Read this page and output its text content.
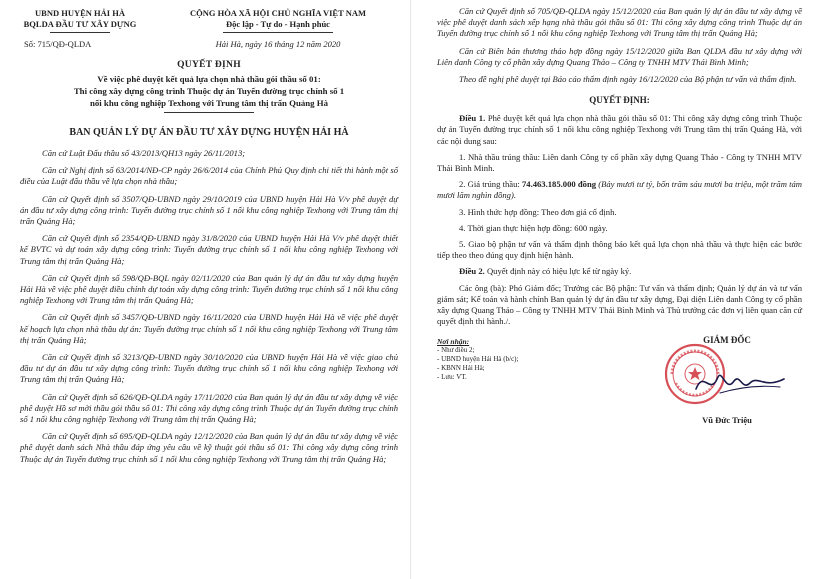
UBND HUYỆN HẢI HÀ
BQLDA ĐẦU TƯ XÂY DỰNG
Số: 715/QĐ-QLDA
CỘNG HÒA XÃ HỘI CHỦ NGHĨA VIỆT NAM
Độc lập - Tự do - Hạnh phúc
Hải Hà, ngày 16 tháng 12 năm 2020
QUYẾT ĐỊNH
Về việc phê duyệt kết quả lựa chọn nhà thầu gói thầu số 01:
Thi công xây dựng công trình Thuộc dự án Tuyến đường trục chính số 1
nối khu công nghiệp Texhong với Trung tâm thị trấn Quảng Hà
BAN QUẢN LÝ DỰ ÁN ĐẦU TƯ XÂY DỰNG HUYỆN HẢI HÀ

Căn cứ Luật Đấu thầu số 43/2013/QH13 ngày 26/11/2013;

Căn cứ Nghị định số 63/2014/NĐ-CP ngày 26/6/2014 của Chính Phủ Quy định chi tiết thi hành một số điều của Luật đấu thầu về lựa chọn nhà thầu;

Căn cứ Quyết định số 3507/QĐ-UBND ngày 29/10/2019 của UBND huyện Hải Hà V/v phê duyệt dự án đầu tư xây dựng công trình: Tuyến đường trục chính số 1 nối khu công nghiệp Texhong với Trung tâm thị trấn Quảng Hà;

Căn cứ Quyết định số 2354/QĐ-UBND ngày 31/8/2020 của UBND huyện Hải Hà V/v phê duyệt thiết kế BVTC và dự toán xây dựng công trình: Tuyến đường trục chính số 1 nối khu công nghiệp Texhong với Trung tâm thị trấn Quảng Hà;

Căn cứ Quyết định số 598/QĐ-BQL ngày 02/11/2020 của Ban quản lý dự án đầu tư xây dựng huyện Hải Hà về việc phê duyệt điều chỉnh dự toán xây dựng công trình: Tuyến đường trục chính số 1 nối khu công nghiệp Texhong với Trung tâm thị trấn Quảng Hà;

Căn cứ Quyết định số 3457/QĐ-UBND ngày 16/11/2020 của UBND huyện Hải Hà về việc phê duyệt kế hoạch lựa chọn nhà thầu dự án: Tuyến đường trục chính số 1 nối khu công nghiệp Texhong với Trung tâm thị trấn Quảng Hà;

Căn cứ Quyết định số 3213/QĐ-UBND ngày 30/10/2020 của UBND huyện Hải Hà về việc giao chủ đầu tư dự án đầu tư xây dựng công trình: Tuyến đường trục chính số 1 nối khu công nghiệp Texhong với Trung tâm thị trấn Quảng Hà;

Căn cứ Quyết định số 626/QĐ-QLDA ngày 17/11/2020 của Ban quản lý dự án đầu tư xây dựng về việc phê duyệt Hồ sơ mời thầu gói thầu số 01: Thi công xây dựng công trình Thuộc dự án Tuyến đường trục chính số 1 nối khu công nghiệp Texhong với Trung tâm thị trấn Quảng Hà;

Căn cứ Quyết định số 695/QĐ-QLDA ngày 12/12/2020 của Ban quản lý dự án đầu tư xây dựng về việc phê duyệt danh sách Nhà thầu đáp ứng yêu cầu về kỹ thuật gói thầu số 01: Thi công xây dựng công trình Thuộc dự án Tuyến đường trục chính số 1 nối khu công nghiệp Texhong với Trung tâm thị trấn Quảng Hà;

Căn cứ Quyết định số 705/QĐ-QLDA ngày 15/12/2020 của Ban quản lý dự án đầu tư xây dựng về việc phê duyệt danh sách xếp hạng nhà thầu gói thầu số 01: Thi công xây dựng công trình Thuộc dự án Tuyến đường trục chính số 1 nối khu công nghiệp Texhong với Trung tâm thị trấn Quảng Hà;

Căn cứ Biên bản thương thảo hợp đồng ngày 15/12/2020 giữa Ban QLDA đầu tư xây dựng với Liên danh Công ty cổ phần xây dựng Quang Thảo – Công ty TNHH MTV Thái Bình Minh;

Theo đề nghị phê duyệt tại Báo cáo thẩm định ngày 16/12/2020 của Bộ phận tư vấn và thẩm định.

QUYẾT ĐỊNH:

Điều 1. Phê duyệt kết quả lựa chọn nhà thầu gói thầu số 01: Thi công xây dựng công trình Thuộc dự án Tuyến đường trục chính số 1 nối khu công nghiệp Texhong với Trung tâm thị trấn Quảng Hà, với các nội dung sau:

1. Nhà thầu trúng thầu: Liên danh Công ty cổ phần xây dựng Quang Thảo - Công ty TNHH MTV Thái Bình Minh.

2. Giá trúng thầu: 74.463.185.000 đồng (Bảy mươi tư tỷ, bốn trăm sáu mươi ba triệu, một trăm tám mươi lăm nghìn đồng).

3. Hình thức hợp đồng: Theo đơn giá cố định.

4. Thời gian thực hiện hợp đồng: 600 ngày.

5. Giao bộ phận tư vấn và thẩm định thông báo kết quả lựa chọn nhà thầu và thực hiện các bước tiếp theo theo đúng quy định hiện hành.

Điều 2. Quyết định này có hiệu lực kể từ ngày ký.

Các ông (bà): Phó Giám đốc; Trưởng các Bộ phận: Tư vấn và thẩm định; Quản lý dự án và tư vấn giám sát; Kế toán và hành chính Ban quản lý dự án đầu tư xây dựng, Đại diện Liên danh Công ty cổ phần xây dựng Quang Thảo – Công ty TNHH MTV Thái Bình Minh và Thủ trưởng các đơn vị liên quan căn cứ quyết định thi hành./.

Nơi nhận:
- Như điều 2;
- UBND huyện Hải Hà (b/c);
- KBNN Hải Hà;
- Lưu: VT.
GIÁM ĐỐC
Vũ Đức Triệu
